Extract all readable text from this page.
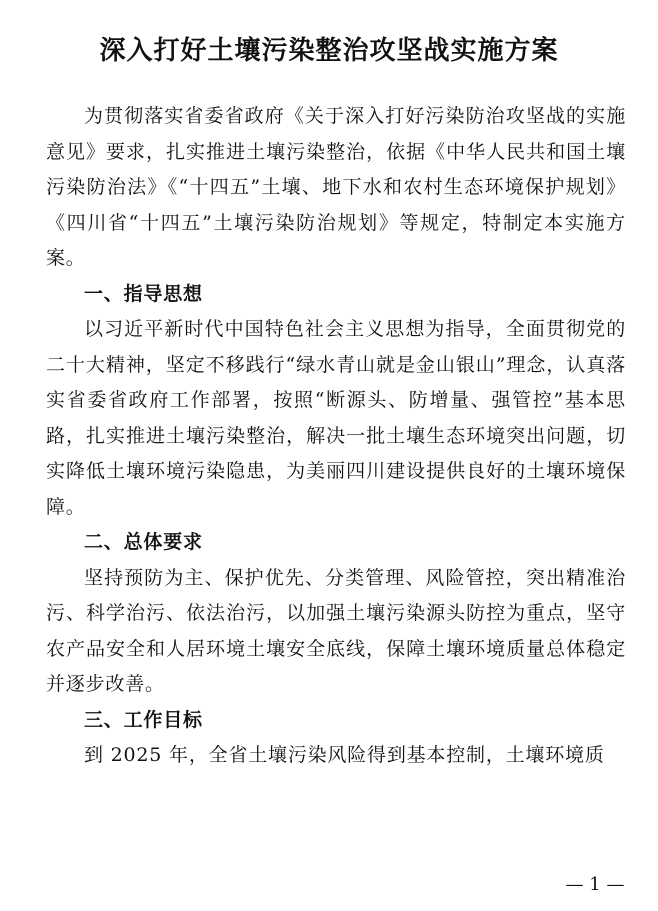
深入打好土壤污染整治攻坚战实施方案

为贯彻落实省委省政府《关于深入打好污染防治攻坚战的实施意见》要求，扎实推进土壤污染整治，依据《中华人民共和国土壤污染防治法》《“十四五”土壤、地下水和农村生态环境保护规划》《四川省“十四五”土壤污染防治规划》等规定，特制定本实施方案。

一、指导思想

以习近平新时代中国特色社会主义思想为指导，全面贯彻党的二十大精神，坚定不移践行“绿水青山就是金山银山”理念，认真落实省委省政府工作部署，按照“断源头、防增量、强管控”基本思路，扎实推进土壤污染整治，解决一批土壤生态环境突出问题，切实降低土壤环境污染隐患，为美丽四川建设提供良好的土壤环境保障。

二、总体要求

坚持预防为主、保护优先、分类管理、风险管控，突出精准治污、科学治污、依法治污，以加强土壤污染源头防控为重点，坚守农产品安全和人居环境土壤安全底线，保障土壤环境质量总体稳定并逐步改善。

三、工作目标

到 2025 年，全省土壤污染风险得到基本控制，土壤环境质

— 1 —
